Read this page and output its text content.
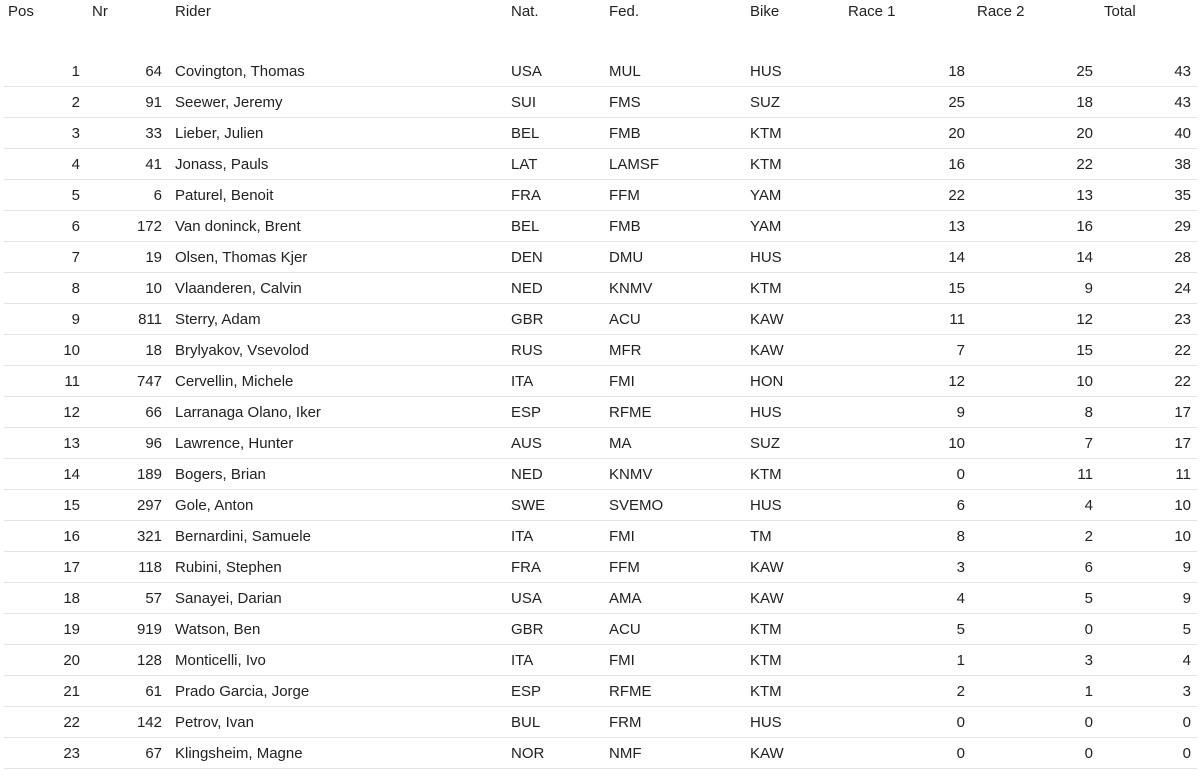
Pos	Nr	Rider	Nat.	Fed.	Bike	Race 1	Race 2	Total
1	64 Covington, Thomas	USA	MUL	HUS	18	25	43
2	91 Seewer, Jeremy	SUI	FMS	SUZ	25	18	43
3	33 Lieber, Julien	BEL	FMB	KTM	20	20	40
4	41 Jonass, Pauls	LAT	LAMSF	KTM	16	22	38
5	6 Paturel, Benoit	FRA	FFM	YAM	22	13	35
6	172 Van doninck, Brent	BEL	FMB	YAM	13	16	29
7	19 Olsen, Thomas Kjer	DEN	DMU	HUS	14	14	28
8	10 Vlaanderen, Calvin	NED	KNMV	KTM	15	9	24
9	811 Sterry, Adam	GBR	ACU	KAW	11	12	23
10	18 Brylyakov, Vsevolod	RUS	MFR	KAW	7	15	22
11	747 Cervellin, Michele	ITA	FMI	HON	12	10	22
12	66 Larranaga Olano, Iker	ESP	RFME	HUS	9	8	17
13	96 Lawrence, Hunter	AUS	MA	SUZ	10	7	17
14	189 Bogers, Brian	NED	KNMV	KTM	0	11	11
15	297 Gole, Anton	SWE	SVEMO	HUS	6	4	10
16	321 Bernardini, Samuele	ITA	FMI	TM	8	2	10
17	118 Rubini, Stephen	FRA	FFM	KAW	3	6	9
18	57 Sanayei, Darian	USA	AMA	KAW	4	5	9
19	919 Watson, Ben	GBR	ACU	KTM	5	0	5
20	128 Monticelli, Ivo	ITA	FMI	KTM	1	3	4
21	61 Prado Garcia, Jorge	ESP	RFME	KTM	2	1	3
22	142 Petrov, Ivan	BUL	FRM	HUS	0	0	0
23	67 Klingsheim, Magne	NOR	NMF	KAW	0	0	0
